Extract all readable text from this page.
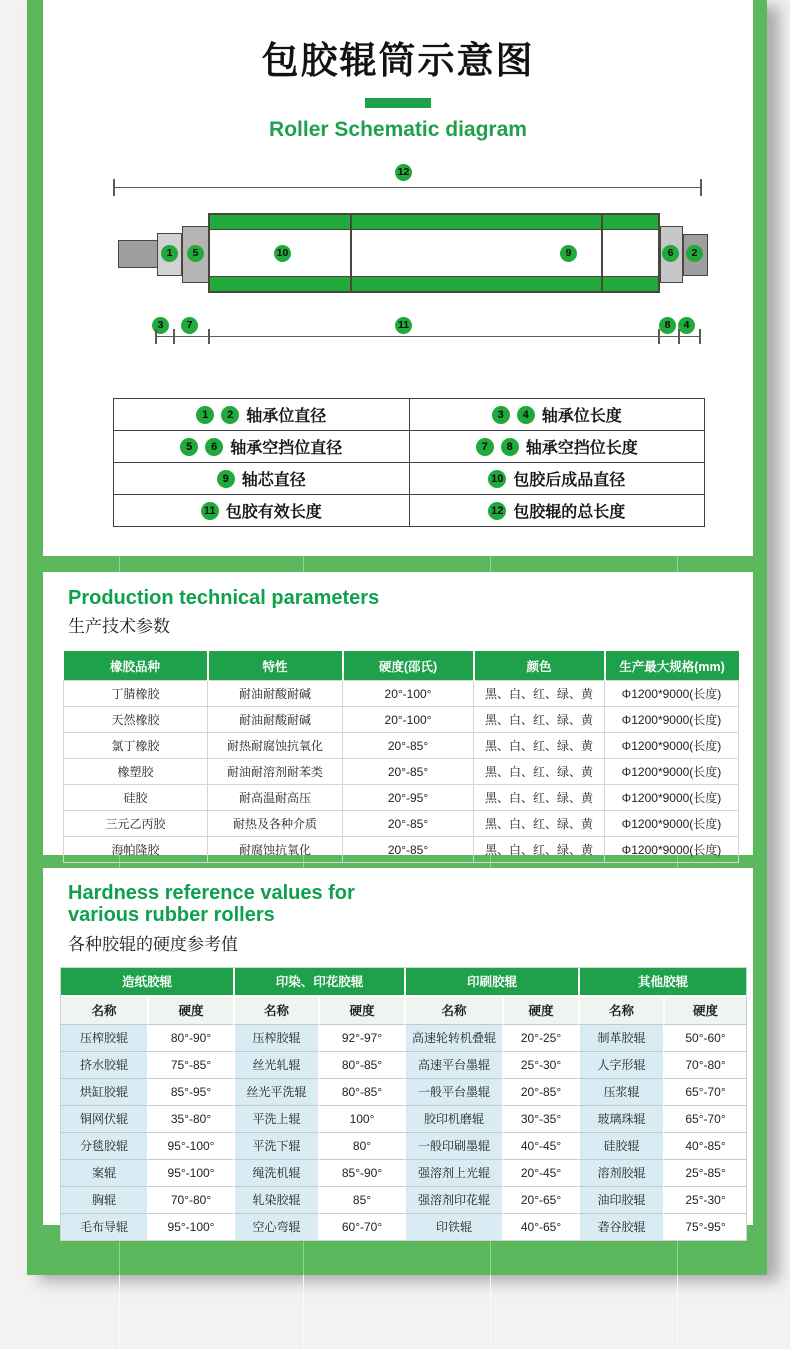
包胶辊筒示意图
Roller Schematic diagram
12
1	5	10	9	6	2
3	7	11	8	4
1 2 轴承位直径	3 4 轴承位长度

5 6 轴承空挡位直径	7 8 轴承空挡位长度

9 轴芯直径	10 包胶后成品直径

11 包胶有效长度	12 包胶辊的总长度
Production technical parameters

生产技术参数

橡胶品种	特性	硬度(邵氏)	颜色	生产最大规格(mm)
丁腈橡胶	耐油耐酸耐碱	20°-100°	黑、白、红、绿、黄	Φ1200*9000(长度)
天然橡胶	耐油耐酸耐碱	20°-100°	黑、白、红、绿、黄	Φ1200*9000(长度)
氯丁橡胶	耐热耐腐蚀抗氧化	20°-85°	黑、白、红、绿、黄	Φ1200*9000(长度)
橡塑胶	耐油耐溶剂耐苯类	20°-85°	黑、白、红、绿、黄	Φ1200*9000(长度)
硅胶	耐高温耐高压	20°-95°	黑、白、红、绿、黄	Φ1200*9000(长度)
三元乙丙胶	耐热及各种介质	20°-85°	黑、白、红、绿、黄	Φ1200*9000(长度)
海帕隆胶	耐腐蚀抗氧化	20°-85°	黑、白、红、绿、黄	Φ1200*9000(长度)
Hardness reference values for
various rubber rollers

各种胶辊的硬度参考值

造纸胶辊		印染、印花胶辊		印刷胶辊		其他胶辊	
名称	硬度	名称	硬度	名称	硬度	名称	硬度
压榨胶辊	80°-90°	压榨胶辊	92°-97°	高速轮转机叠辊	20°-25°	制革胶辊	50°-60°
挤水胶辊	75°-85°	丝光轧辊	80°-85°	高速平台墨辊	25°-30°	人字形辊	70°-80°
烘缸胶辊	85°-95°	丝光平洗辊	80°-85°	一般平台墨辊	20°-85°	压浆辊	65°-70°
铜网伏辊	35°-80°	平洗上辊	100°	胶印机磨辊	30°-35°	玻璃珠辊	65°-70°
分毯胶辊	95°-100°	平洗下辊	80°	一般印刷墨辊	40°-45°	硅胶辊	40°-85°
案辊	95°-100°	绳洗机辊	85°-90°	强溶剂上光辊	20°-45°	溶剂胶辊	25°-85°
胸辊	70°-80°	轧染胶辊	85°	强溶剂印花辊	20°-65°	油印胶辊	25°-30°
毛布导辊	95°-100°	空心弯辊	60°-70°	印铁辊	40°-65°	砻谷胶辊	75°-95°
